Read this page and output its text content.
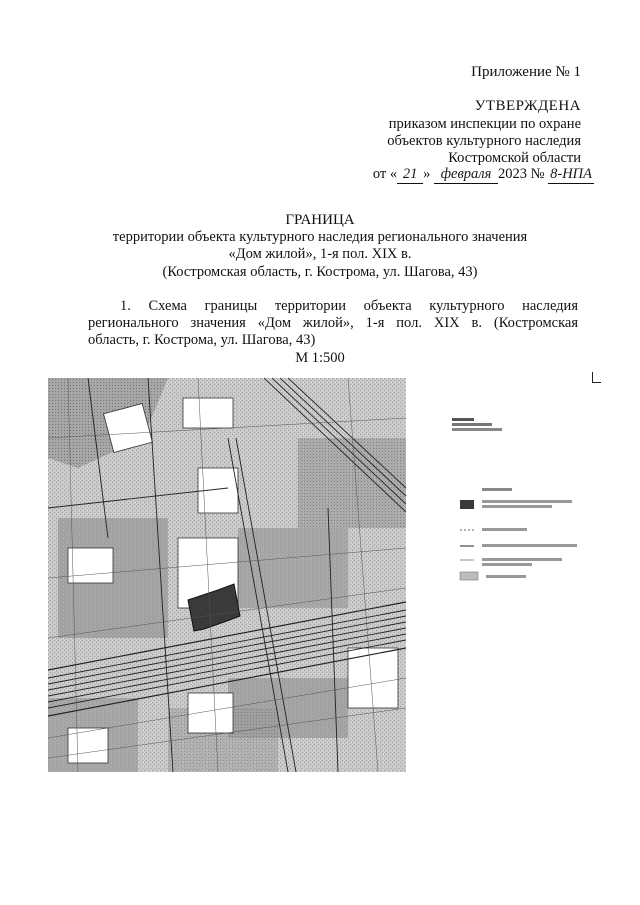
Приложение № 1
УТВЕРЖДЕНА
приказом инспекции по охране
объектов культурного наследия
Костромской области
от « 21 » февраля 2023 № 8-НПА
ГРАНИЦА
территории объекта культурного наследия регионального значения
«Дом жилой», 1-я пол. XIX в.
(Костромская область, г. Кострома, ул. Шагова, 43)
1. Схема границы территории объекта культурного наследия
регионального значения «Дом жилой», 1-я пол. XIX в. (Костромская
область, г. Кострома, ул. Шагова, 43)
М 1:500
